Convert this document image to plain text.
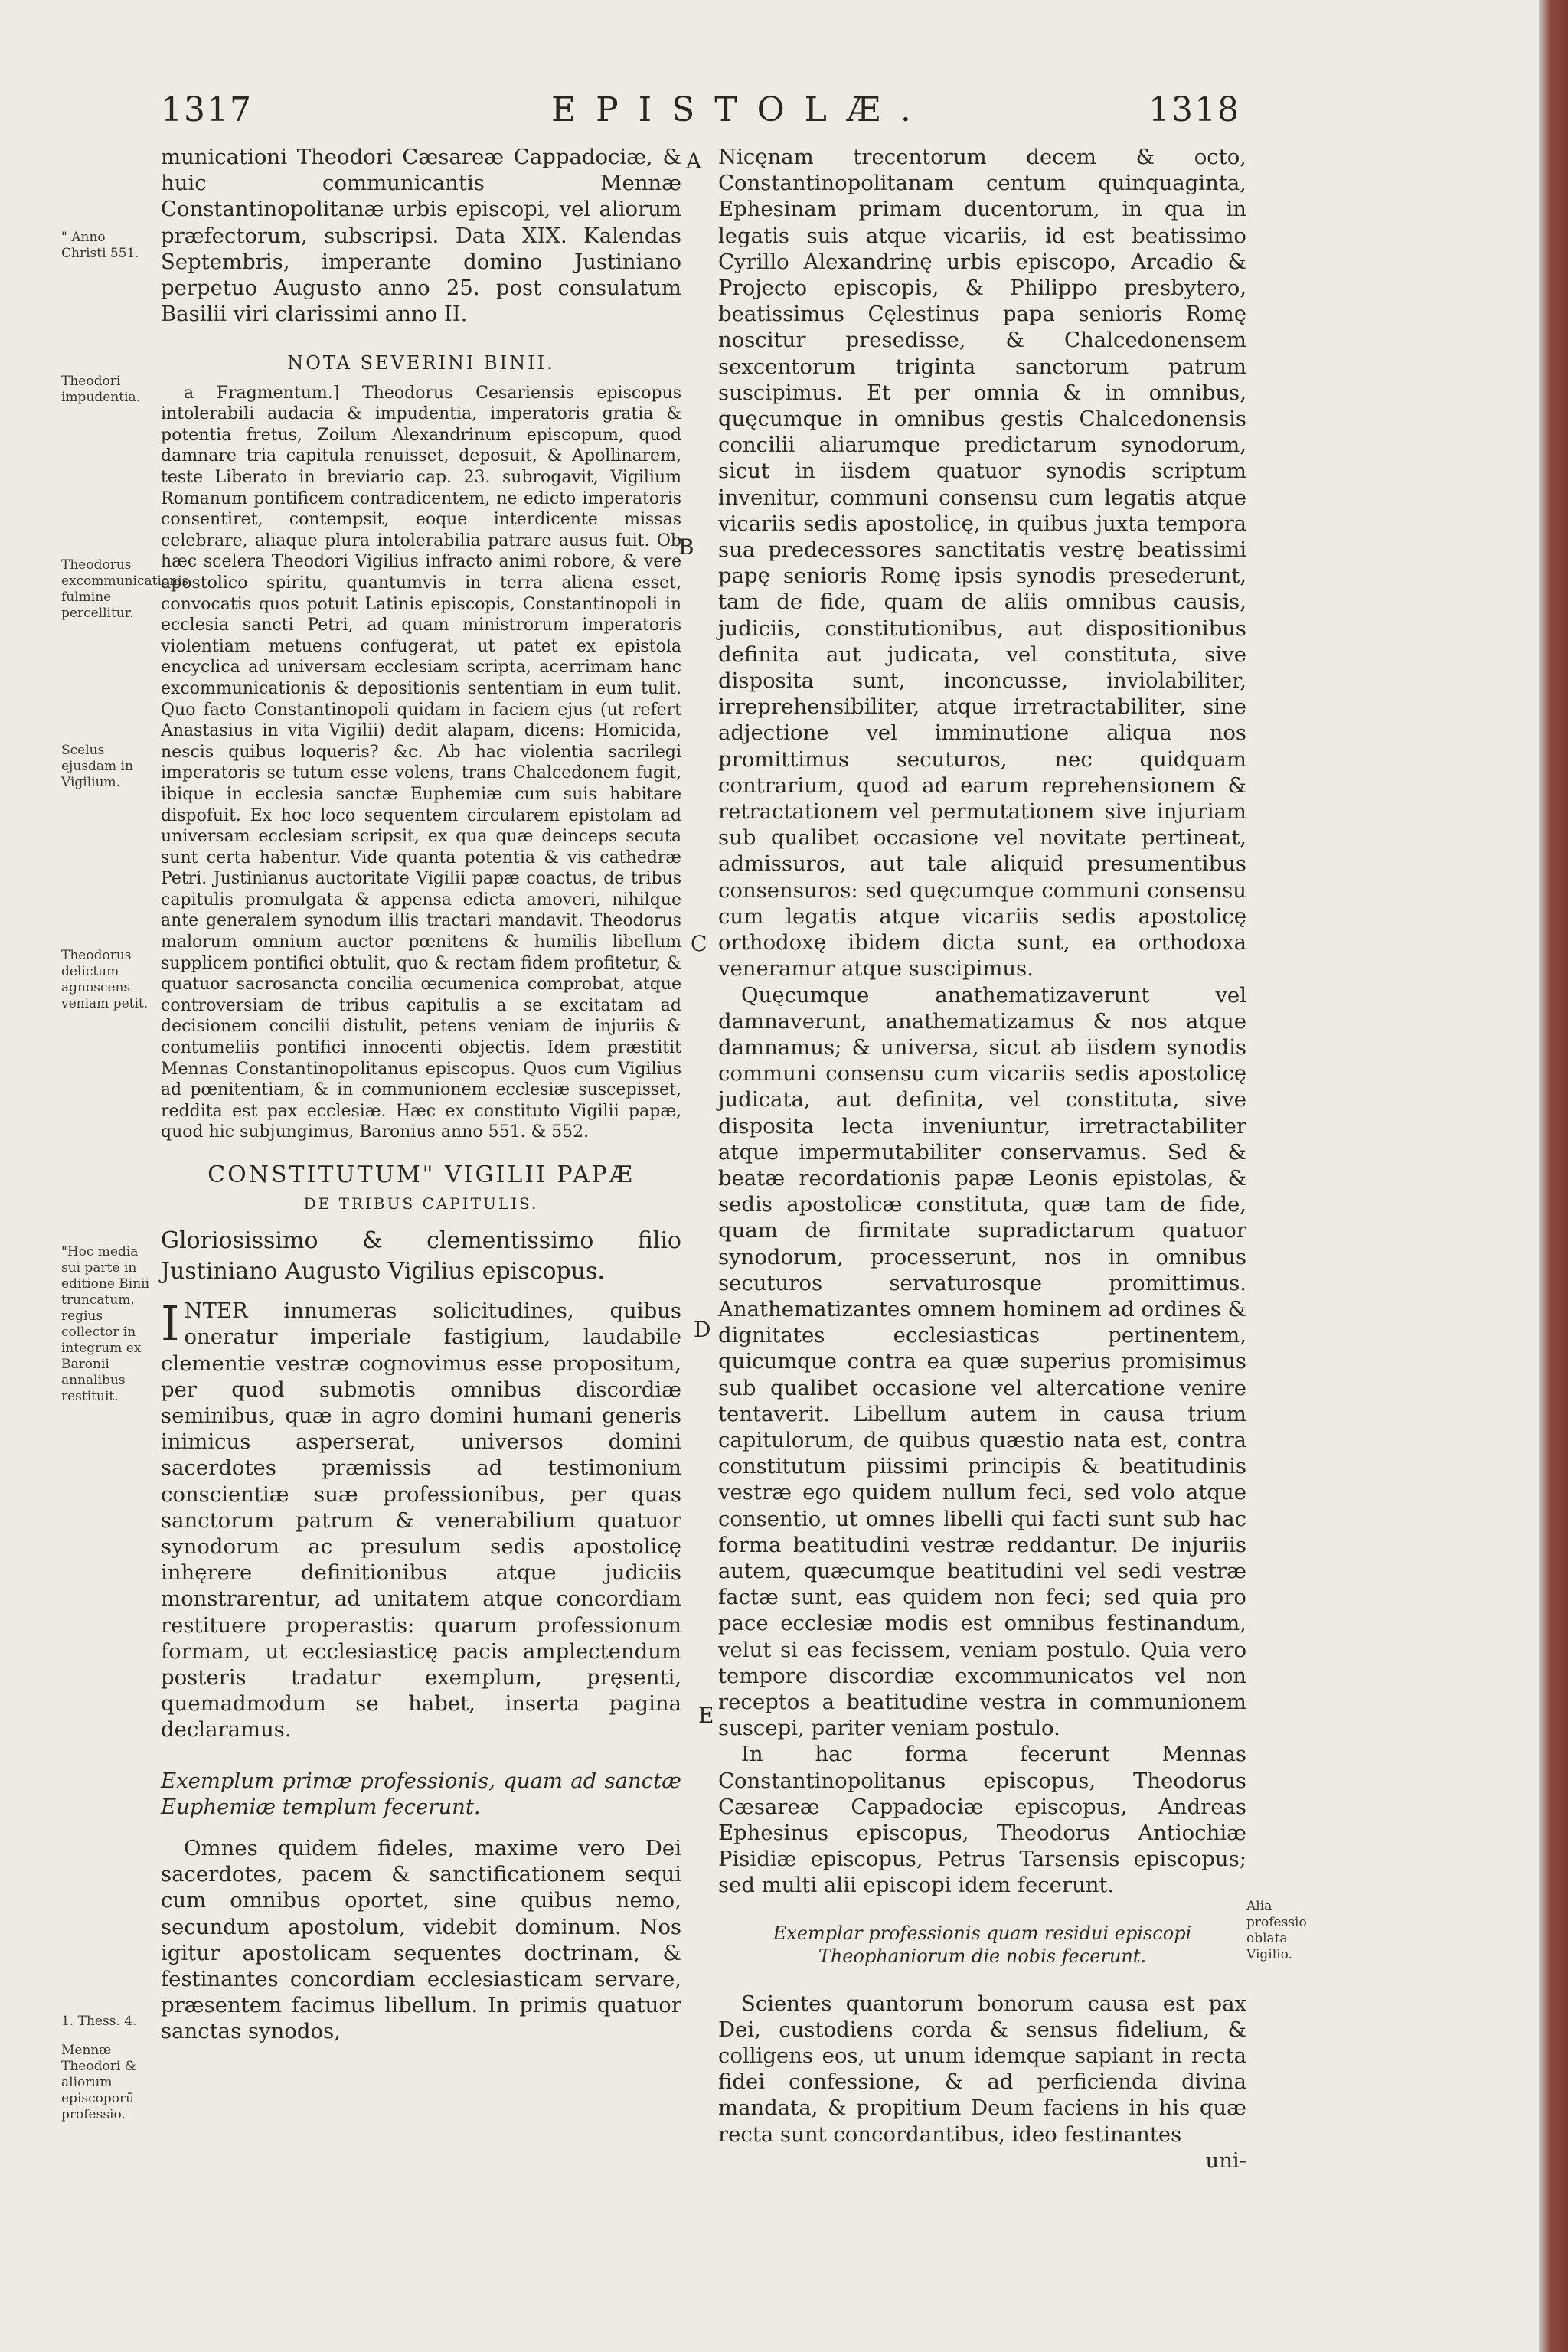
1317	EPISTOLÆ.	1318
" Anno Christi 551.
Theodori impudentia.
Theodorus excommunicationis fulmine percellitur.
Scelus ejusdam in Vigilium.
Theodorus delictum agnoscens veniam petit.
"Hoc media sui parte in editione Binii truncatum, regius collector in integrum ex Baronii annalibus restituit.
1. Thess. 4.
Mennæ Theodori & aliorum episcoporū professio.
Alia professio oblata Vigilio.
A
B
C
D
E

municationi Theodori Cæsareæ Cappadociæ, & huic communicantis Mennæ Constantinopolitanæ urbis episcopi, vel aliorum præfectorum, subscripsi. Data XIX. Kalendas Septembris, imperante domino Justiniano perpetuo Augusto anno 25. post consulatum Basilii viri clarissimi anno II.

NOTA SEVERINI BINII.

a Fragmentum.] Theodorus Cesariensis episcopus intolerabili audacia & impudentia, imperatoris gratia & potentia fretus, Zoilum Alexandrinum episcopum, quod damnare tria capitula renuisset, deposuit, & Apollinarem, teste Liberato in breviario cap. 23. subrogavit, Vigilium Romanum pontificem contradicentem, ne edicto imperatoris consentiret, contempsit, eoque interdicente missas celebrare, aliaque plura intolerabilia patrare ausus fuit. Ob hæc scelera Theodori Vigilius infracto animi robore, & vere apostolico spiritu, quantumvis in terra aliena esset, convocatis quos potuit Latinis episcopis, Constantinopoli in ecclesia sancti Petri, ad quam ministrorum imperatoris violentiam metuens confugerat, ut patet ex epistola encyclica ad universam ecclesiam scripta, acerrimam hanc excommunicationis & depositionis sententiam in eum tulit. Quo facto Constantinopoli quidam in faciem ejus (ut refert Anastasius in vita Vigilii) dedit alapam, dicens: Homicida, nescis quibus loqueris? &c. Ab hac violentia sacrilegi imperatoris se tutum esse volens, trans Chalcedonem fugit, ibique in ecclesia sanctæ Euphemiæ cum suis habitare dispofuit. Ex hoc loco sequentem circularem epistolam ad universam ecclesiam scripsit, ex qua quæ deinceps secuta sunt certa habentur. Vide quanta potentia & vis cathedræ Petri. Justinianus auctoritate Vigilii papæ coactus, de tribus capitulis promulgata & appensa edicta amoveri, nihilque ante generalem synodum illis tractari mandavit. Theodorus malorum omnium auctor pœnitens & humilis libellum supplicem pontifici obtulit, quo & rectam fidem profitetur, & quatuor sacrosancta concilia œcumenica comprobat, atque controversiam de tribus capitulis a se excitatam ad decisionem concilii distulit, petens veniam de injuriis & contumeliis pontifici innocenti objectis. Idem præstitit Mennas Constantinopolitanus episcopus. Quos cum Vigilius ad pœnitentiam, & in communionem ecclesiæ suscepisset, reddita est pax ecclesiæ. Hæc ex constituto Vigilii papæ, quod hic subjungimus, Baronius anno 551. & 552.

CONSTITUTUM" VIGILII PAPÆ

DE TRIBUS CAPITULIS.

Gloriosissimo & clementissimo filio Justiniano Augusto Vigilius episcopus.

INTER innumeras solicitudines, quibus oneratur imperiale fastigium, laudabile clementie vestræ cognovimus esse propositum, per quod submotis omnibus discordiæ seminibus, quæ in agro domini humani generis inimicus asperserat, universos domini sacerdotes præmissis ad testimonium conscientiæ suæ professionibus, per quas sanctorum patrum & venerabilium quatuor synodorum ac presulum sedis apostolicę inhęrere definitionibus atque judiciis monstrarentur, ad unitatem atque concordiam restituere properastis: quarum professionum formam, ut ecclesiasticę pacis amplectendum posteris tradatur exemplum, pręsenti, quemadmodum se habet, inserta pagina declaramus.

Exemplum primæ professionis, quam ad sanctæ Euphemiæ templum fecerunt.

Omnes quidem fideles, maxime vero Dei sacerdotes, pacem & sanctificationem sequi cum omnibus oportet, sine quibus nemo, secundum apostolum, videbit dominum. Nos igitur apostolicam sequentes doctrinam, & festinantes concordiam ecclesiasticam servare, præsentem facimus libellum. In primis quatuor sanctas synodos,

Nicęnam trecentorum decem & octo, Constantinopolitanam centum quinquaginta, Ephesinam primam ducentorum, in qua in legatis suis atque vicariis, id est beatissimo Cyrillo Alexandrinę urbis episcopo, Arcadio & Projecto episcopis, & Philippo presbytero, beatissimus Cęlestinus papa senioris Romę noscitur presedisse, & Chalcedonensem sexcentorum triginta sanctorum patrum suscipimus. Et per omnia & in omnibus, quęcumque in omnibus gestis Chalcedonensis concilii aliarumque predictarum synodorum, sicut in iisdem quatuor synodis scriptum invenitur, communi consensu cum legatis atque vicariis sedis apostolicę, in quibus juxta tempora sua predecessores sanctitatis vestrę beatissimi papę senioris Romę ipsis synodis presederunt, tam de fide, quam de aliis omnibus causis, judiciis, constitutionibus, aut dispositionibus definita aut judicata, vel constituta, sive disposita sunt, inconcusse, inviolabiliter, irreprehensibiliter, atque irretractabiliter, sine adjectione vel imminutione aliqua nos promittimus secuturos, nec quidquam contrarium, quod ad earum reprehensionem & retractationem vel permutationem sive injuriam sub qualibet occasione vel novitate pertineat, admissuros, aut tale aliquid presumentibus consensuros: sed quęcumque communi consensu cum legatis atque vicariis sedis apostolicę orthodoxę ibidem dicta sunt, ea orthodoxa veneramur atque suscipimus.

Quęcumque anathematizaverunt vel damnaverunt, anathematizamus & nos atque damnamus; & universa, sicut ab iisdem synodis communi consensu cum vicariis sedis apostolicę judicata, aut definita, vel constituta, sive disposita lecta inveniuntur, irretractabiliter atque impermutabiliter conservamus. Sed & beatæ recordationis papæ Leonis epistolas, & sedis apostolicæ constituta, quæ tam de fide, quam de firmitate supradictarum quatuor synodorum, processerunt, nos in omnibus secuturos servaturosque promittimus. Anathematizantes omnem hominem ad ordines & dignitates ecclesiasticas pertinentem, quicumque contra ea quæ superius promisimus sub qualibet occasione vel altercatione venire tentaverit. Libellum autem in causa trium capitulorum, de quibus quæstio nata est, contra constitutum piissimi principis & beatitudinis vestræ ego quidem nullum feci, sed volo atque consentio, ut omnes libelli qui facti sunt sub hac forma beatitudini vestræ reddantur. De injuriis autem, quæcumque beatitudini vel sedi vestræ factæ sunt, eas quidem non feci; sed quia pro pace ecclesiæ modis est omnibus festinandum, velut si eas fecissem, veniam postulo. Quia vero tempore discordiæ excommunicatos vel non receptos a beatitudine vestra in communionem suscepi, pariter veniam postulo.

In hac forma fecerunt Mennas Constantinopolitanus episcopus, Theodorus Cæsareæ Cappadociæ episcopus, Andreas Ephesinus episcopus, Theodorus Antiochiæ Pisidiæ episcopus, Petrus Tarsensis episcopus; sed multi alii episcopi idem fecerunt.

Exemplar professionis quam residui episcopi Theophaniorum die nobis fecerunt.

Scientes quantorum bonorum causa est pax Dei, custodiens corda & sensus fidelium, & colligens eos, ut unum idemque sapiant in recta fidei confessione, & ad perficienda divina mandata, & propitium Deum faciens in his quæ recta sunt concordantibus, ideo festinantes

uni-
